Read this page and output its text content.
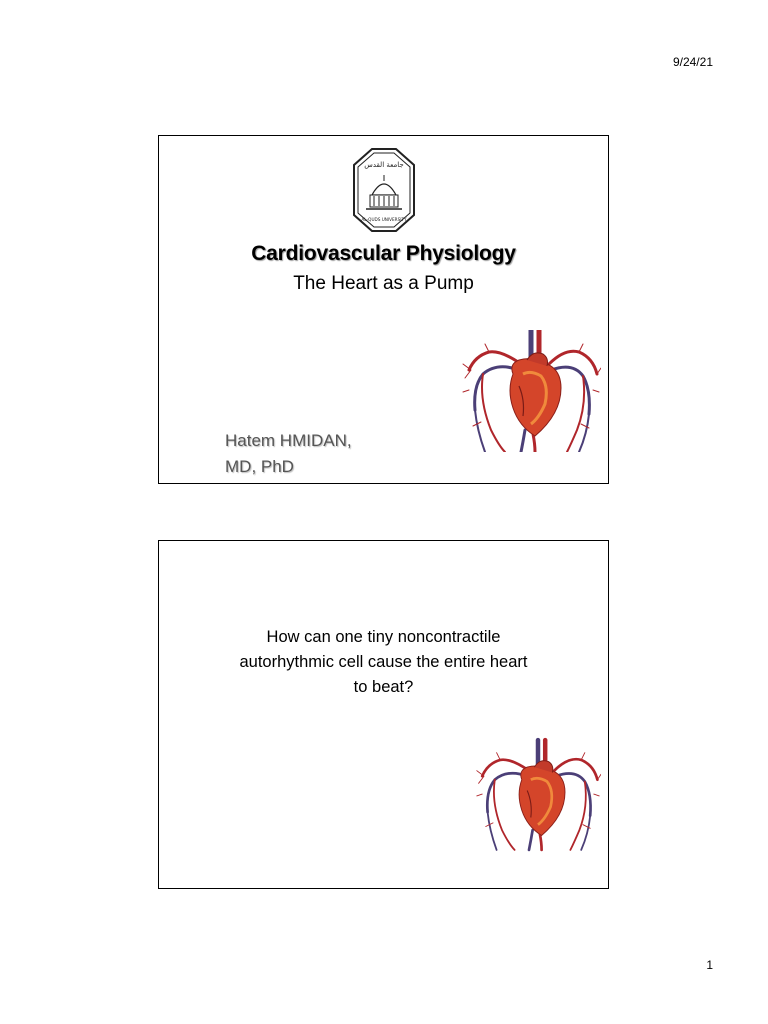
9/24/21
جامعة القدس
AL-QUDS UNIVERSITY
Cardiovascular Physiology
The Heart as a Pump
Hatem HMIDAN,
MD, PhD
How can one tiny noncontractile
autorhythmic cell cause the entire heart
to beat?
1
